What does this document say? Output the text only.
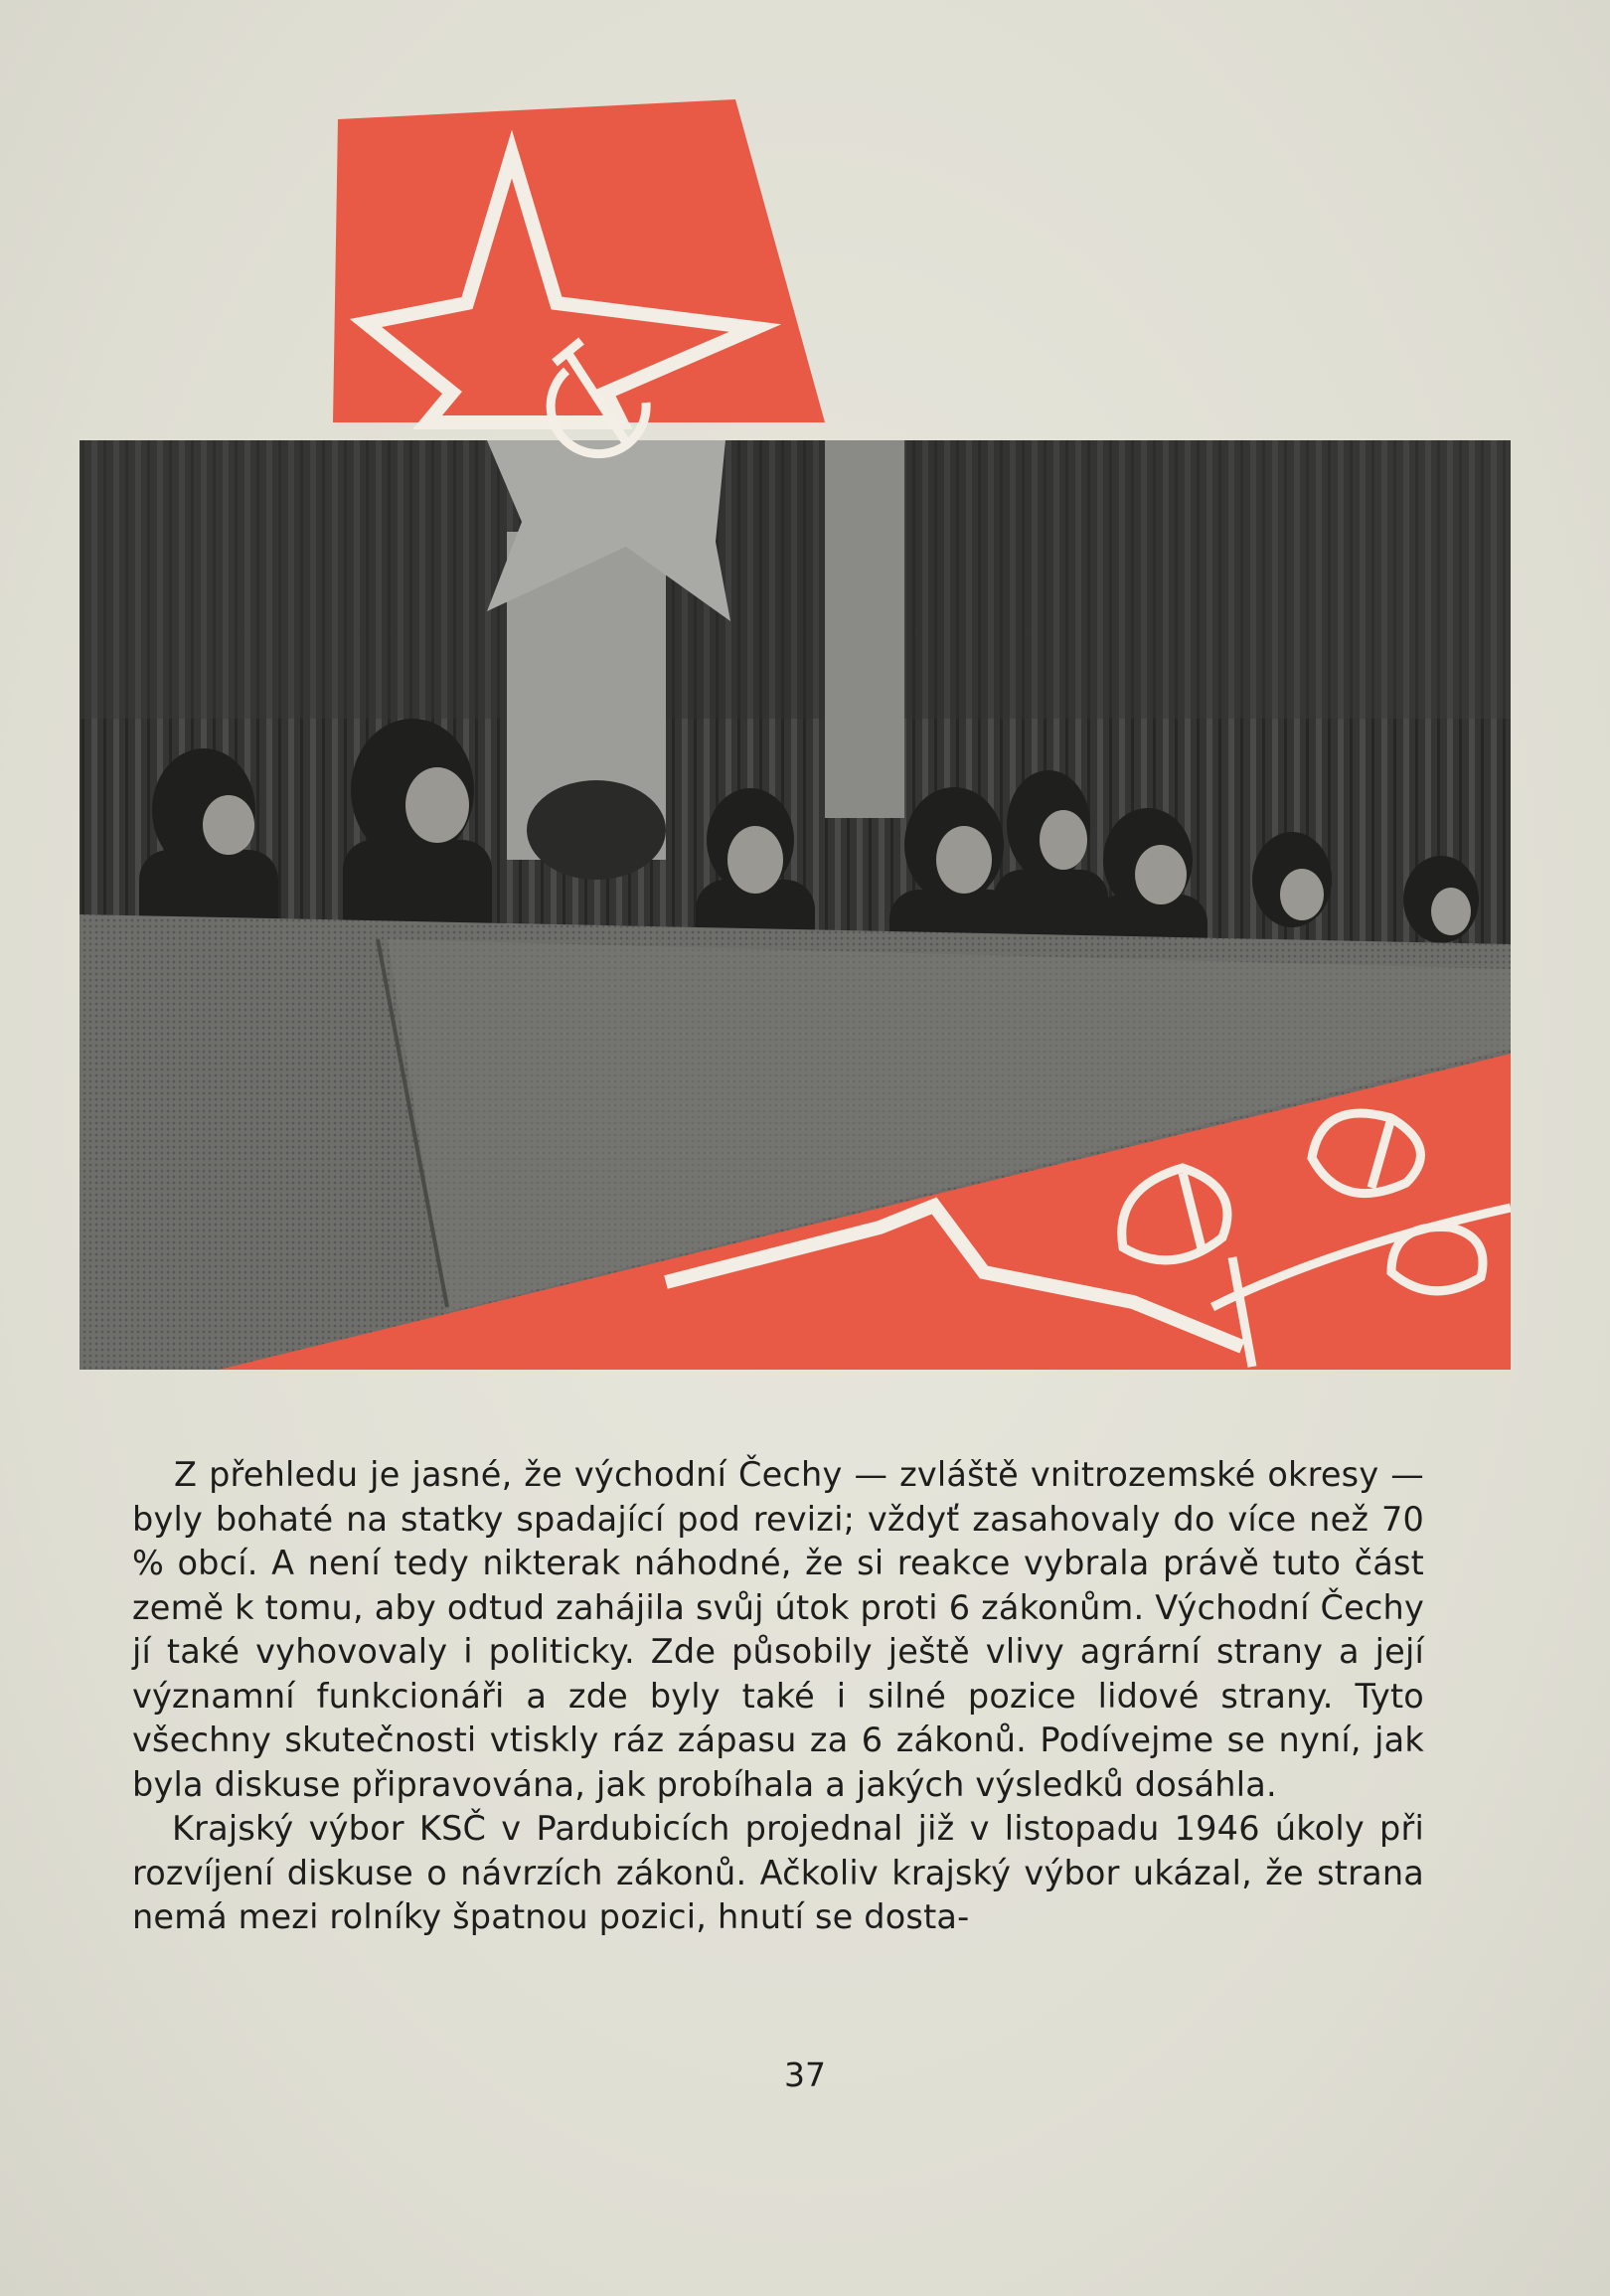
Z přehledu je jasné, že východní Čechy — zvláště vnitrozemské okresy — byly bohaté na statky spadající pod revizi; vždyť zasahovaly do více než 70 % obcí. A není tedy nikterak náhodné, že si reakce vybrala právě tuto část země k tomu, aby odtud zahájila svůj útok proti 6 zákonům. Východní Čechy jí také vyhovovaly i politicky. Zde působily ještě vlivy agrární strany a její významní funkcionáři a zde byly také i silné pozice lidové strany. Tyto všechny skutečnosti vtiskly ráz zápasu za 6 zákonů. Podívejme se nyní, jak byla diskuse připravována, jak probíhala a jakých výsledků dosáhla.

Krajský výbor KSČ v Pardubicích projednal již v listopadu 1946 úkoly při rozvíjení diskuse o návrzích zákonů. Ačkoliv krajský výbor ukázal, že strana nemá mezi rolníky špatnou pozici, hnutí se dosta-

37
